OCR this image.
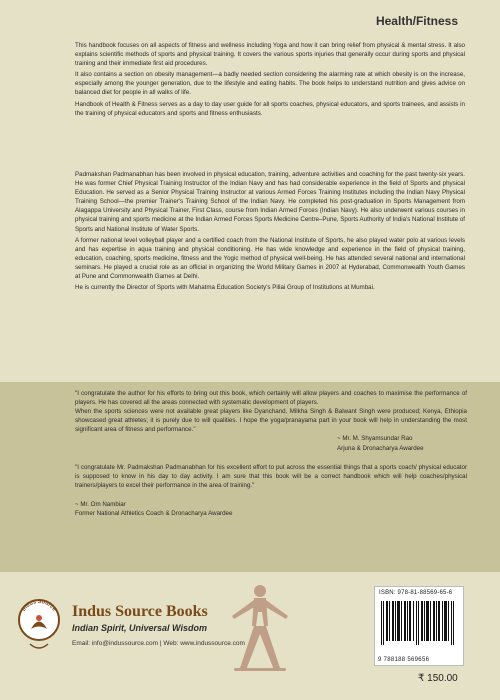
Health/Fitness

This handbook focuses on all aspects of fitness and wellness including Yoga and how it can bring relief from physical & mental stress. It also explains scientific methods of sports and physical training. It covers the various sports injuries that generally occur during sports and physical training and their immediate first aid procedures.

It also contains a section on obesity management—a badly needed section considering the alarming rate at which obesity is on the increase, especially among the younger generation, due to the lifestyle and eating habits. The book helps to understand nutrition and gives advice on balanced diet for people in all walks of life.

Handbook of Health & Fitness serves as a day to day user guide for all sports coaches, physical educators, and sports trainees, and assists in the training of physical educators and sports and fitness enthusiasts.

Padmakshan Padmanabhan has been involved in physical education, training, adventure activities and coaching for the past twenty-six years. He was former Chief Physical Training Instructor of the Indian Navy and has had considerable experience in the field of Sports and physical Education. He served as a Senior Physical Training Instructor at various Armed Forces Training Institutes including the Indian Navy Physical Training School—the premier Trainer's Training School of the Indian Navy. He completed his post-graduation in Sports Management from Alagappa University and Physical Trainer, First Class, course from Indian Armed Forces (Indian Navy). He also underwent various courses in physical training and sports medicine at the Indian Armed Forces Sports Medicine Centre–Pune, Sports Authority of India's National Institute of Sports and National Institute of Water Sports.

A former national level volleyball player and a certified coach from the National Institute of Sports, he also played water polo at various levels and has expertise in aqua training and physical conditioning. He has wide knowledge and experience in the field of physical training, education, coaching, sports medicine, fitness and the Yogic method of physical well-being. He has attended several national and international seminars. He played a crucial role as an official in organizing the World Military Games in 2007 at Hyderabad, Commonwealth Youth Games at Pune and Commonwealth Games at Delhi.

He is currently the Director of Sports with Mahatma Education Society's Pillai Group of Institutions at Mumbai.

"I congratulate the author for his efforts to bring out this book, which certainly will allow players and coaches to maximise the performance of players. He has covered all the areas connected with systematic development of players.

When the sports sciences were not available great players like Dyanchand, Milkha Singh & Balwant Singh were produced; Kenya, Ethiopia showcased great athletes; it is purely due to will qualities. I hope the yoga/pranayama part in your book will help in understanding the most significant area of fitness and performance."

~ Mr. M. Shyamsundar Rao

Arjuna & Dronacharya Awardee

"I congratulate Mr. Padmakshan Padmanabhan for his excellent effort to put across the essential things that a sports coach/ physical educator is supposed to know in his day to day activity. I am sure that this book will be a correct handbook which will help coaches/physical trainers/players to excel their performance in the area of training."

~ Mr. Om Nambiar

Former National Athletics Coach & Dronacharya Awardee

Indus Source Indus Source Books
Indian Spirit, Universal Wisdom
Email: info@indussource.com | Web: www.indussource.com
ISBN: 978-81-88569-65-6
9 788188 569656
₹ 150.00
